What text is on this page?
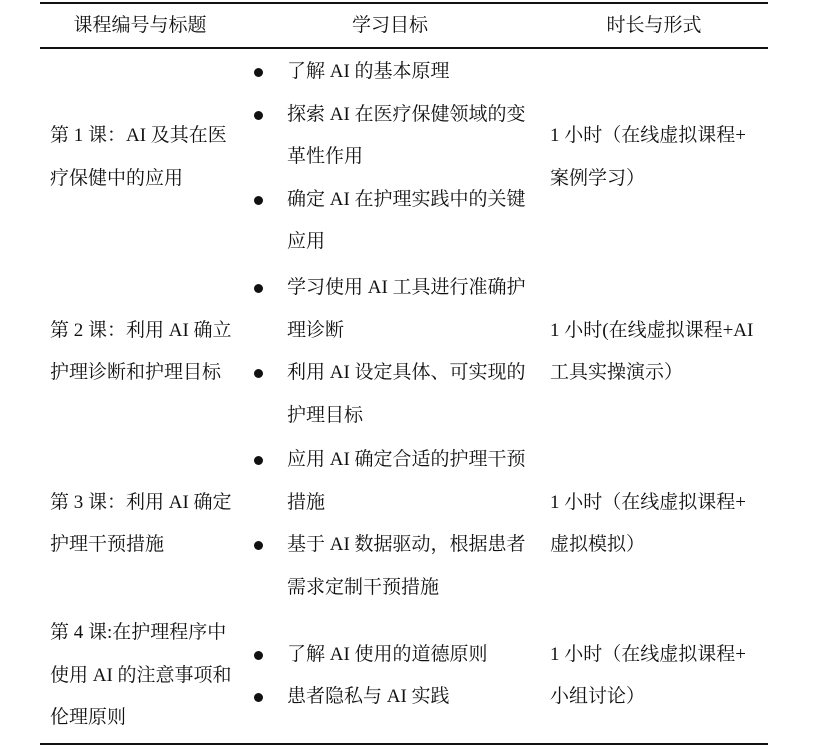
课程编号与标题	学习目标	时长与形式
第 1 课：AI 及其在医
疗保健中的应用
了解 AI 的基本原理
探索 AI 在医疗保健领域的变
革性作用
确定 AI 在护理实践中的关键
应用
1 小时（在线虚拟课程+
案例学习）
第 2 课：利用 AI 确立
护理诊断和护理目标
学习使用 AI 工具进行准确护
理诊断
利用 AI 设定具体、可实现的
护理目标
1 小时(在线虚拟课程+AI
工具实操演示）
第 3 课：利用 AI 确定
护理干预措施
应用 AI 确定合适的护理干预
措施
基于 AI 数据驱动，根据患者
需求定制干预措施
1 小时（在线虚拟课程+
虚拟模拟）
第 4 课:在护理程序中
使用 AI 的注意事项和
伦理原则
了解 AI 使用的道德原则
患者隐私与 AI 实践
1 小时（在线虚拟课程+
小组讨论）
